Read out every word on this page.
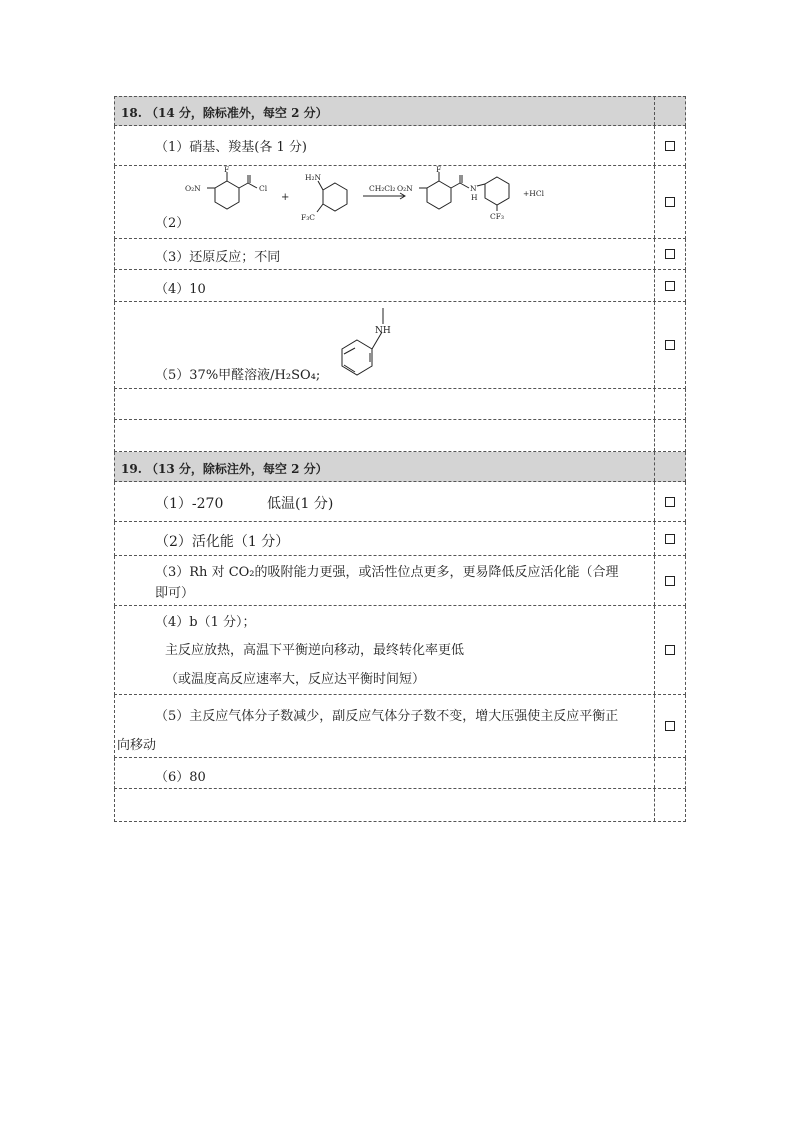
18. （14 分，除标准外，每空 2 分）
（1）硝基、羧基(各 1 分)
（2）
O₂N
F
Cl
+
H₂N
F₃C
CH₂Cl₂ O₂N
F
N
H
CF₃
+HCl
（3）还原反应；不同
（4）10
（5）37%甲醛溶液/H₂SO₄;
NH
19. （13 分，除标注外，每空 2 分）
（1）-270	低温(1 分)
（2）活化能（1 分）
（3）Rh 对 CO₂的吸附能力更强，或活性位点更多，更易降低反应活化能（合理
即可）
（4）b（1 分）；
主反应放热，高温下平衡逆向移动，最终转化率更低
（或温度高反应速率大，反应达平衡时间短）
（5）主反应气体分子数减少，副反应气体分子数不变，增大压强使主反应平衡正
向移动
（6）80
